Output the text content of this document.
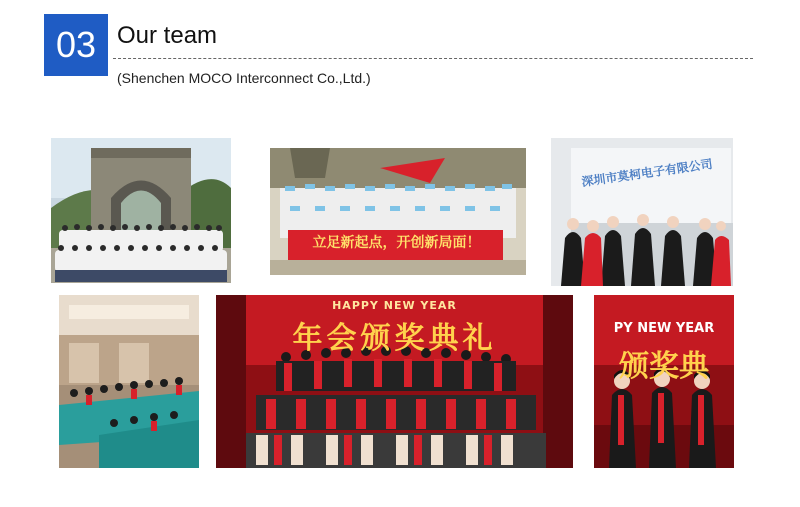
03 Our team
(Shenchen MOCO Interconnect Co.,Ltd.)
立足新起点，开创新局面！
深圳市莫柯电子有限公司
HAPPY NEW YEAR
年会颁奖典礼	PY NEW YEAR
颁奖典
